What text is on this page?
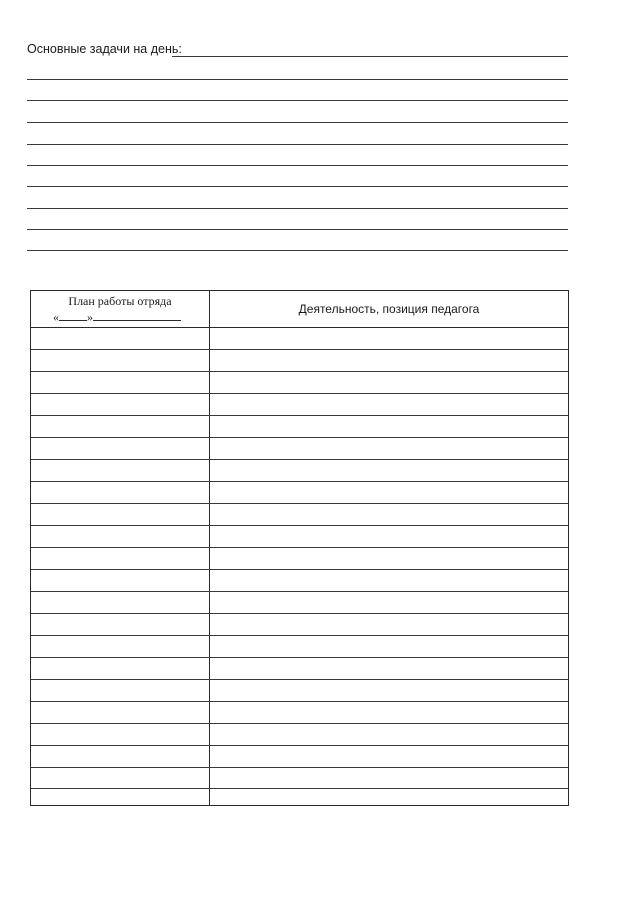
Основные задачи на день:
План работы отряда
« »
Деятельность, позиция педагога
